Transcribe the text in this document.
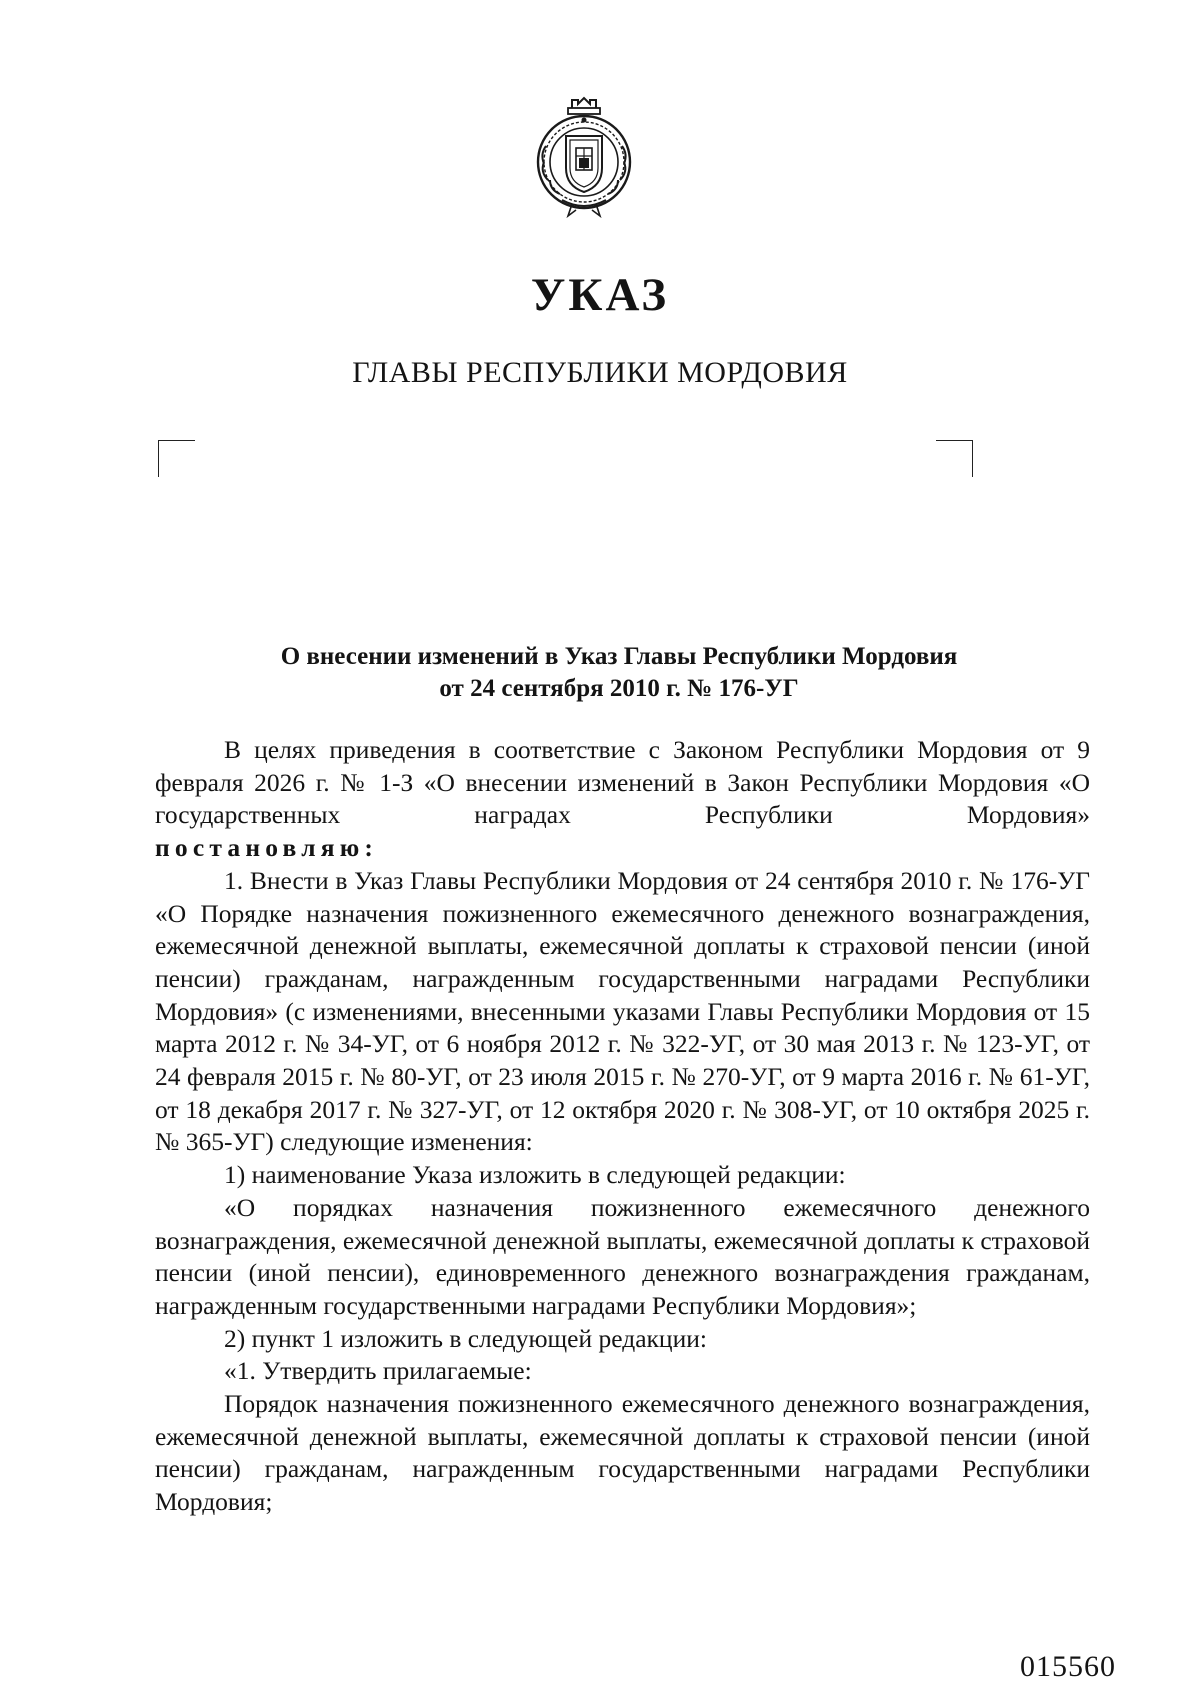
УКАЗ
ГЛАВЫ РЕСПУБЛИКИ МОРДОВИЯ
О внесении изменений в Указ Главы Республики Мордовия
от 24 сентября 2010 г. № 176-УГ

В целях приведения в соответствие с Законом Республики Мордовия от 9 февраля 2026 г. № 1-З «О внесении изменений в Закон Республики Мордовия «О государственных наградах Республики Мордовия»

постановляю:

1. Внести в Указ Главы Республики Мордовия от 24 сентября 2010 г. № 176-УГ «О Порядке назначения пожизненного ежемесячного денежного вознаграждения, ежемесячной денежной выплаты, ежемесячной доплаты к страховой пенсии (иной пенсии) гражданам, награжденным государственными наградами Республики Мордовия» (с изменениями, внесенными указами Главы Республики Мордовия от 15 марта 2012 г. № 34-УГ, от 6 ноября 2012 г. № 322-УГ, от 30 мая 2013 г. № 123-УГ, от 24 февраля 2015 г. № 80-УГ, от 23 июля 2015 г. № 270-УГ, от 9 марта 2016 г. № 61-УГ, от 18 декабря 2017 г. № 327-УГ, от 12 октября 2020 г. № 308-УГ, от 10 октября 2025 г. № 365-УГ) следующие изменения:

1) наименование Указа изложить в следующей редакции:

«О порядках назначения пожизненного ежемесячного денежного вознаграждения, ежемесячной денежной выплаты, ежемесячной доплаты к страховой пенсии (иной пенсии), единовременного денежного вознаграждения гражданам, награжденным государственными наградами Республики Мордовия»;

2) пункт 1 изложить в следующей редакции:

«1. Утвердить прилагаемые:

Порядок назначения пожизненного ежемесячного денежного вознаграждения, ежемесячной денежной выплаты, ежемесячной доплаты к страховой пенсии (иной пенсии) гражданам, награжденным государственными наградами Республики Мордовия;

015560
